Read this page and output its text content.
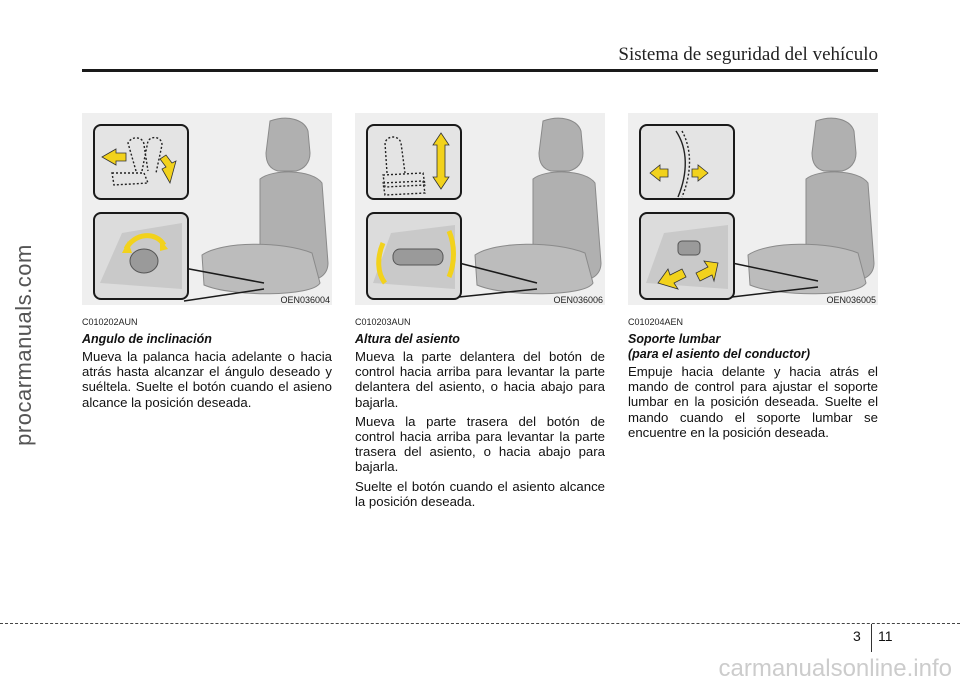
Sistema de seguridad del vehículo
procarmanuals.com	OEN036004
C010202AUN
Angulo de inclinación

Mueva la palanca hacia adelante o hacia atrás hasta alcanzar el ángulo deseado y suéltela. Suelte el botón cuando el asieno alcance la posición deseada.

OEN036006
C010203AUN
Altura del asiento

Mueva la parte delantera del botón de control hacia arriba para levantar la parte delantera del asiento, o hacia abajo para bajarla.

Mueva la parte trasera del botón de control hacia arriba para levantar la parte trasera del asiento, o hacia abajo para bajarla.

Suelte el botón cuando el asiento alcance la posición deseada.

OEN036005
C010204AEN
Soporte lumbar
(para el asiento del conductor)

Empuje hacia delante y hacia atrás el mando de control para ajustar el soporte lumbar en la posición deseada. Suelte el mando cuando el soporte lumbar se encuentre en la posición deseada.

3 11
carmanualsonline.info
